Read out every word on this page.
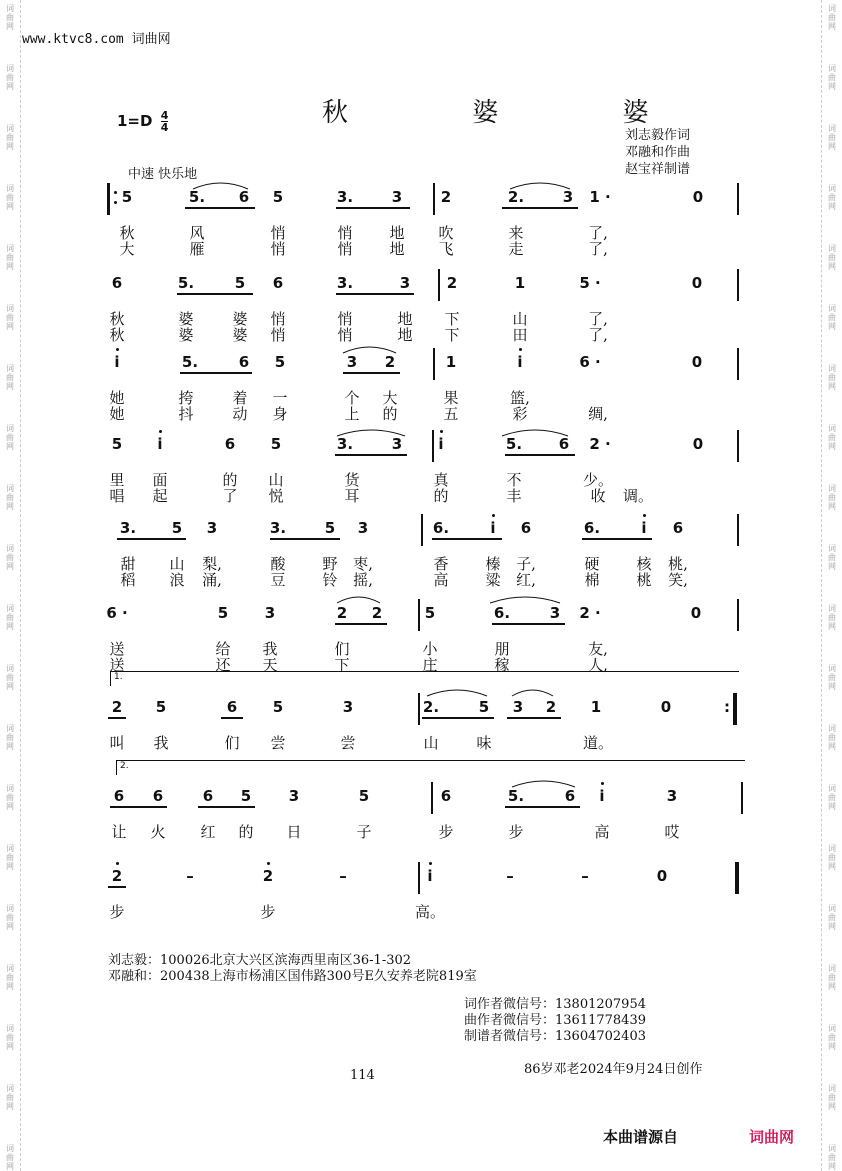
词
曲
网
词
曲
网
词
曲
网
词
曲
网
词
曲
网
词
曲
网
词
曲
网
词
曲
网
词
曲
网
词
曲
网
词
曲
网
词
曲
网
词
曲
网
词
曲
网
词
曲
网
词
曲
网
词
曲
网
词
曲
网
词
曲
网
词
曲
网
词
曲
网
词
曲
网
词
曲
网
词
曲
网
词
曲
网
词
曲
网
词
曲
网
词
曲
网
词
曲
网
词
曲
网
词
曲
网
词
曲
网
词
曲
网
词
曲
网
词
曲
网
词
曲
网
词
曲
网
词
曲
网
词
曲
网
词
曲
网
www.ktvc8.com 词曲网
秋 婆 婆
$1=D \frac{4}{4}$
刘志毅作词
邓融和作曲
赵宝祥制谱
中速 快乐地
5	5. 6 5	3.	3	2	2.	3 1 ·	0
秋	风	悄	悄 地 吹	来	了,
大	雁	悄	悄 地 飞	走	了,
6	5.	5 6	3.	3 2	1	5 ·	0
秋	婆	婆 悄	悄	地 下	山	了,
秋	婆	婆 悄	悄	地 下	田	了,
i	5.	6 5	3 2	1	i	6 ·	0
她	挎	着 一	个 大	果	篮,
她	抖	动 身	上 的	五	彩	绸,
5 i	6 5	3.	3 i	5. 6 2 ·	0
里 面	的 山	货	真	不	少。
唱 起	了 悦	耳	的	丰	收 调。
3. 5 3	3.	5 3	6.	i 6	6.	i 6
甜 山 梨,	酸 野 枣,	香 榛 子,	硬 核 桃,
稻 浪 涌,	豆 铃 摇,	高 粱 红,	棉 桃 笑,
6 ·	5 3	2 2	5	6.	3 2 ·	0
送	给 我	们	小	朋	友,
送	还 天	下	庄	稼	人,
2 5	6 5	3	2.	5 3 2 1	0	:
叫 我	们 尝	尝	山	味	道。
1.
6 6	6 5	3	5	6	5.	6 i	3
让 火 红 的 日	子	步	步	高	哎
2.
2	–	2	–	i	–	–	0
步	步	高。
刘志毅：100026北京大兴区滨海西里南区36-1-302
邓融和：200438上海市杨浦区国伟路300号E久安养老院819室
词作者微信号：13801207954
曲作者微信号：13611778439
制谱者微信号：13604702403
86岁邓老2024年9月24日创作
114
本曲谱源自	词曲网
